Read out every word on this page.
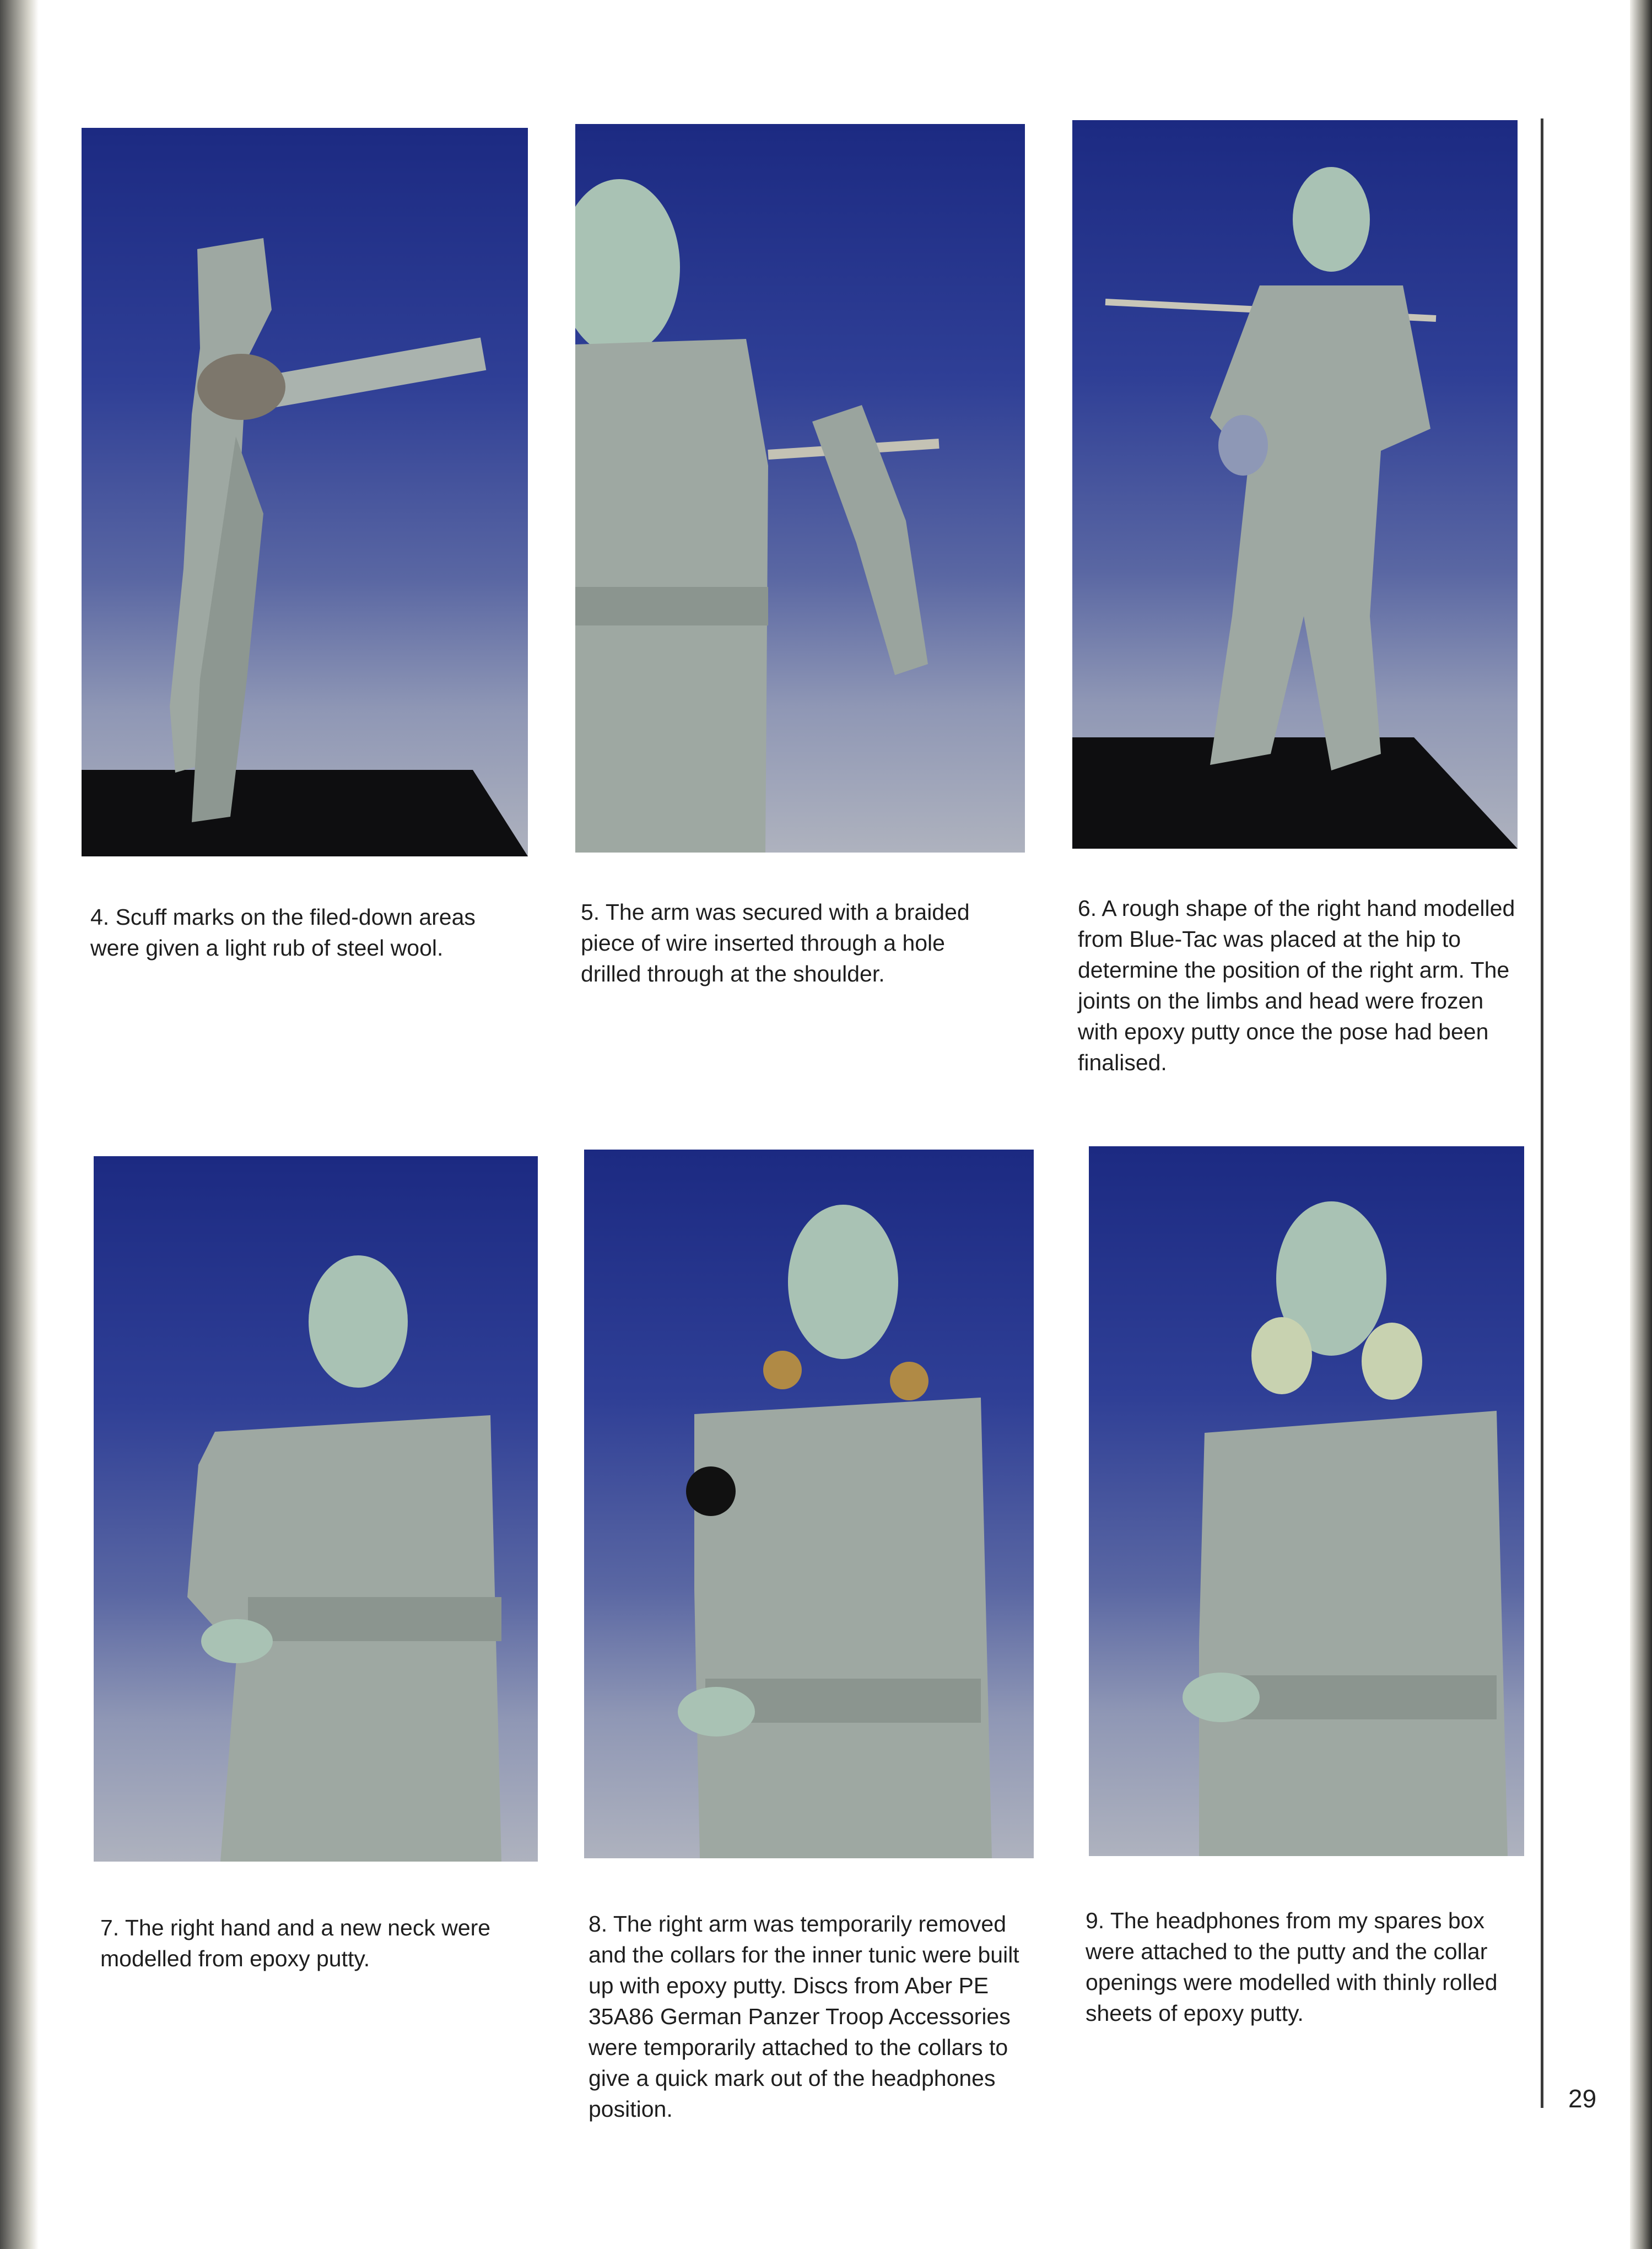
4. Scuff marks on the filed-down areas were given a light rub of steel wool.

5. The arm was secured with a braided piece of wire inserted through a hole drilled through at the shoulder.

6. A rough shape of the right hand modelled from Blue-Tac was placed at the hip to determine the position of the right arm. The joints on the limbs and head were frozen with epoxy putty once the pose had been finalised.

7. The right hand and a new neck were modelled from epoxy putty.

8. The right arm was temporarily removed and the collars for the inner tunic were built up with epoxy putty. Discs from Aber PE 35A86 German Panzer Troop Accessories were temporarily attached to the collars to give a quick mark out of the headphones position.

9. The headphones from my spares box were attached to the putty and the collar openings were modelled with thinly rolled sheets of epoxy putty.

29
